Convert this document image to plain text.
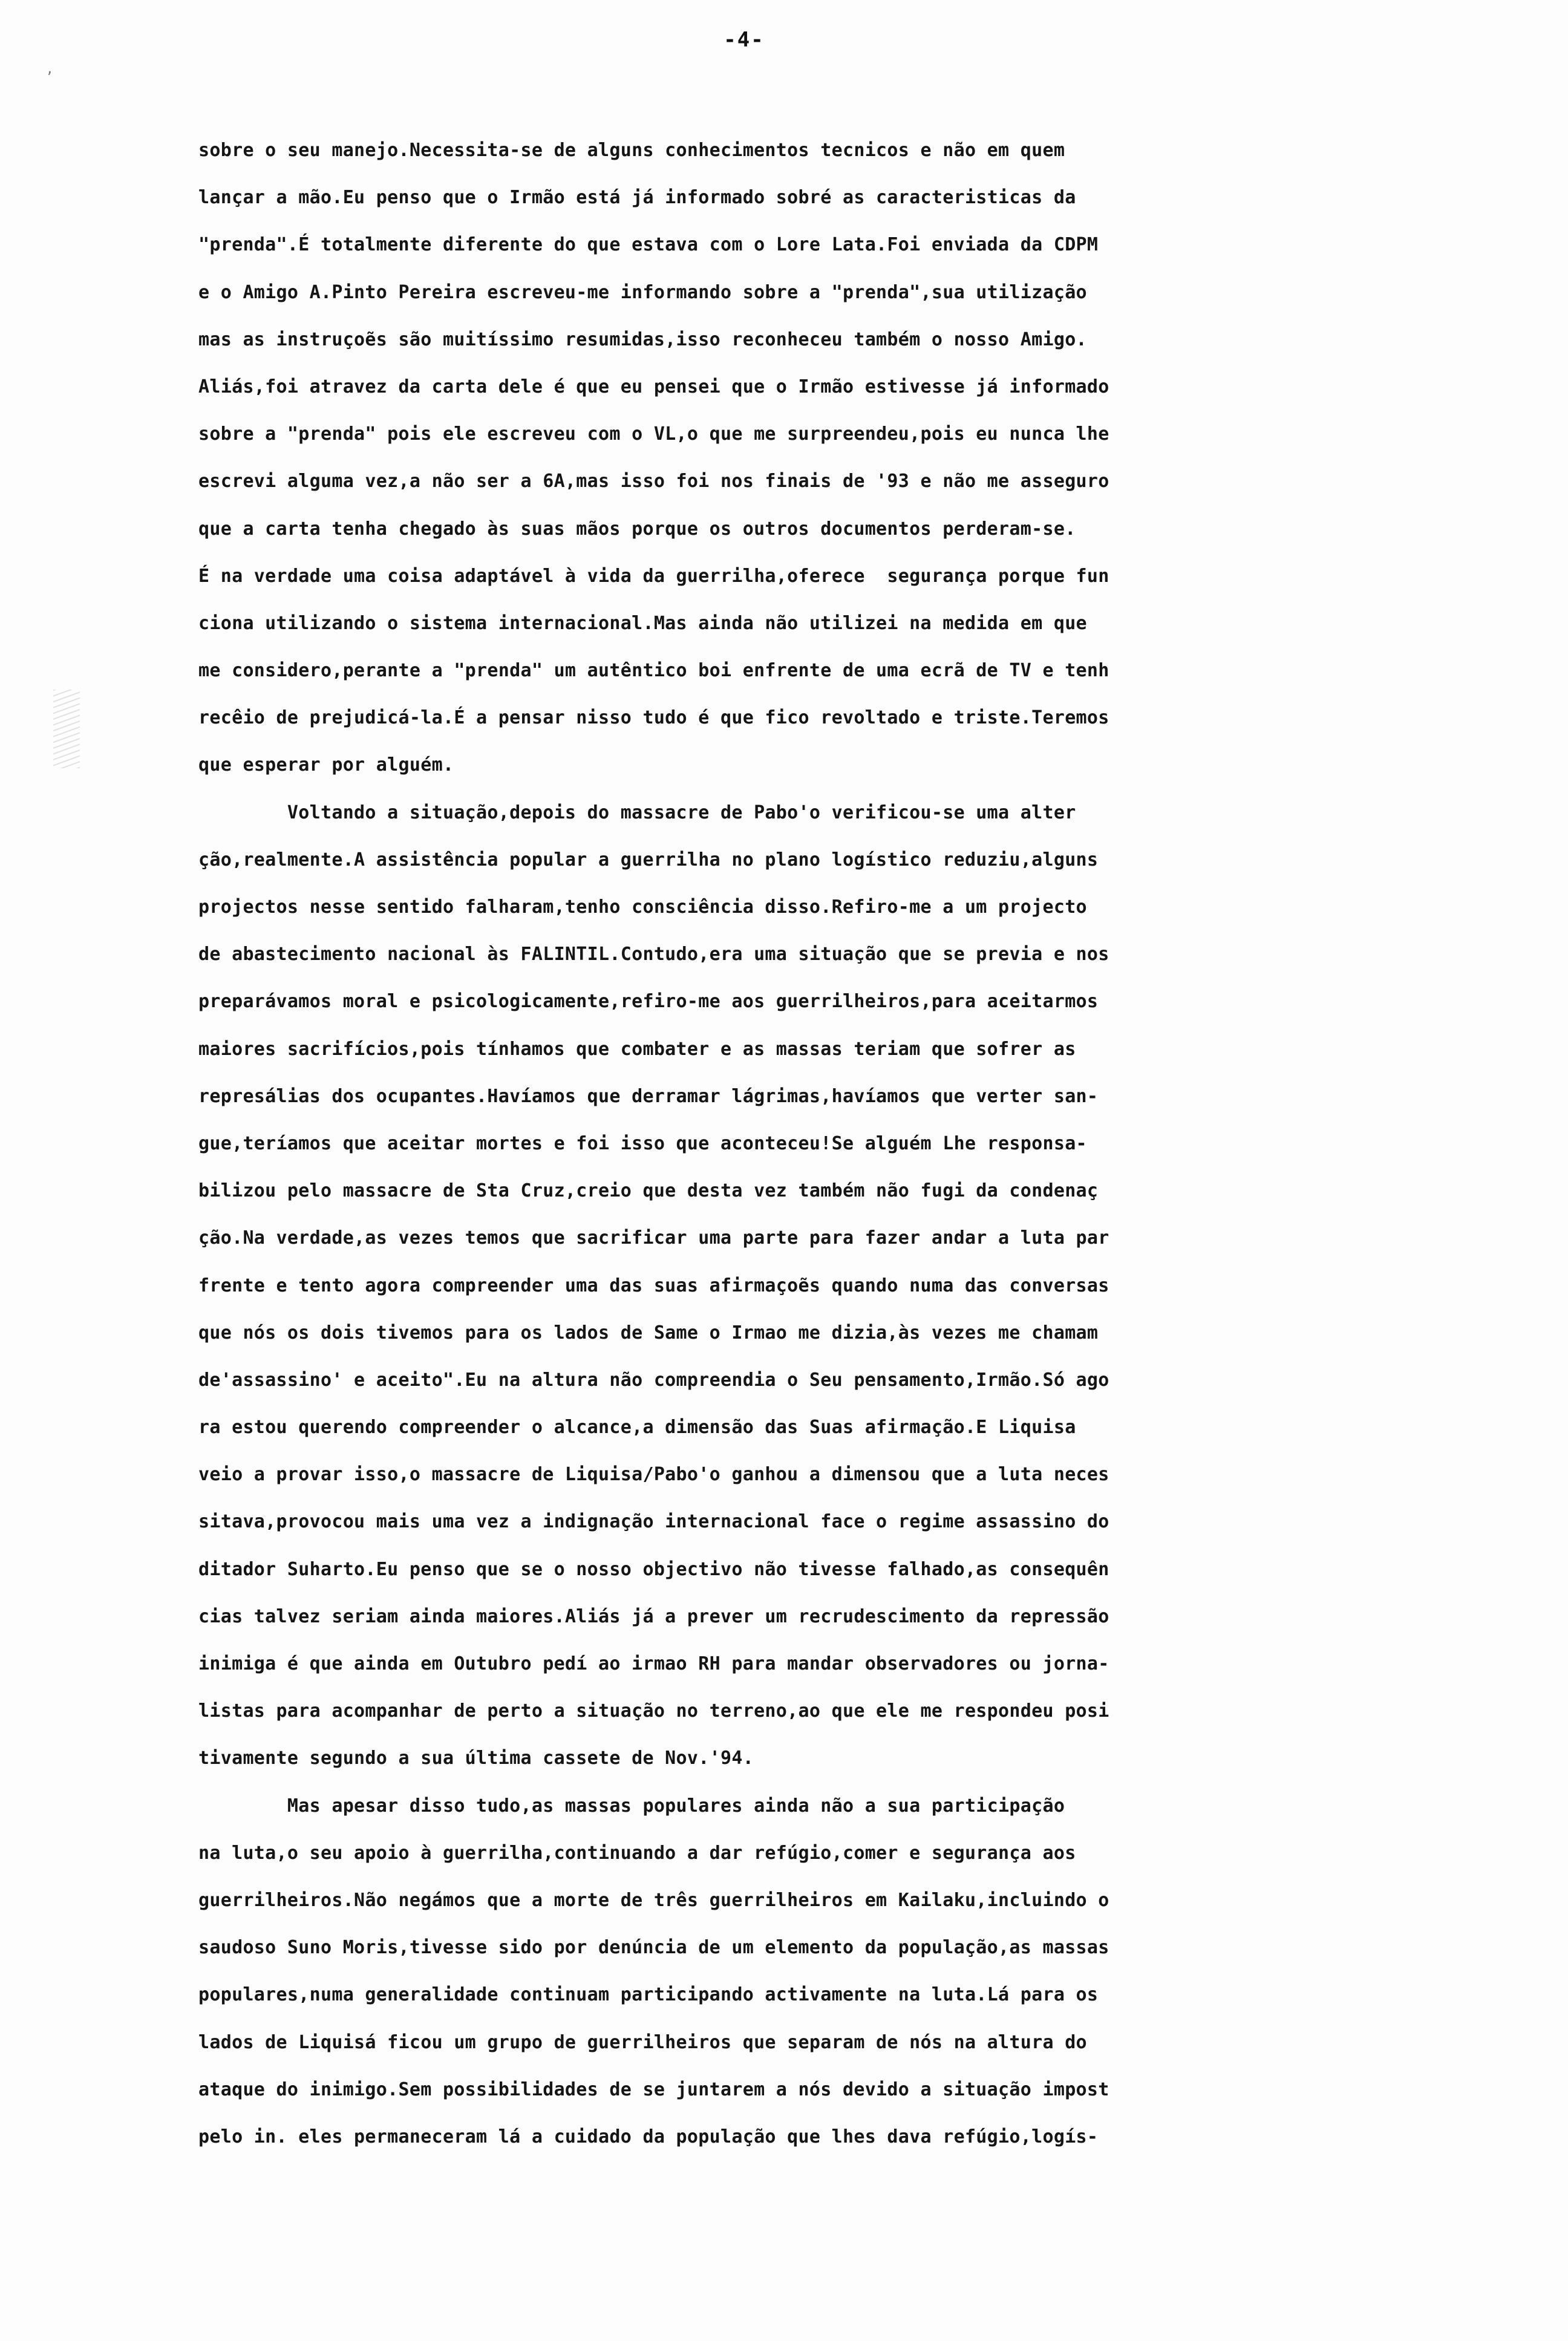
-4-
,
sobre o seu manejo.Necessita-se de alguns conhecimentos tecnicos e não em quem
lançar a mão.Eu penso que o Irmão está já informado sobré as caracteristicas da
"prenda".É totalmente diferente do que estava com o Lore Lata.Foi enviada da CDPM
e o Amigo A.Pinto Pereira escreveu-me informando sobre a "prenda",sua utilização
mas as instruçoẽs são muitíssimo resumidas,isso reconheceu também o nosso Amigo.
Aliás,foi atravez da carta dele é que eu pensei que o Irmão estivesse já informado
sobre a "prenda" pois ele escreveu com o VL,o que me surpreendeu,pois eu nunca lhe
escrevi alguma vez,a não ser a 6A,mas isso foi nos finais de '93 e não me asseguro
que a carta tenha chegado às suas mãos porque os outros documentos perderam-se.
É na verdade uma coisa adaptável à vida da guerrilha,oferece  segurança porque fun
ciona utilizando o sistema internacional.Mas ainda não utilizei na medida em que
me considero,perante a "prenda" um autêntico boi enfrente de uma ecrã de TV e tenh
recêio de prejudicá-la.É a pensar nisso tudo é que fico revoltado e triste.Teremos
que esperar por alguém.
Voltando a situação,depois do massacre de Pabo'o verificou-se uma alter
ção,realmente.A assistência popular a guerrilha no plano logístico reduziu,alguns
projectos nesse sentido falharam,tenho consciência disso.Refiro-me a um projecto
de abastecimento nacional às FALINTIL.Contudo,era uma situação que se previa e nos
preparávamos moral e psicologicamente,refiro-me aos guerrilheiros,para aceitarmos
maiores sacrifícios,pois tínhamos que combater e as massas teriam que sofrer as
represálias dos ocupantes.Havíamos que derramar lágrimas,havíamos que verter san-
gue,teríamos que aceitar mortes e foi isso que aconteceu!Se alguém Lhe responsa-
bilizou pelo massacre de Sta Cruz,creio que desta vez também não fugi da condenaç
ção.Na verdade,as vezes temos que sacrificar uma parte para fazer andar a luta par
frente e tento agora compreender uma das suas afirmaçoẽs quando numa das conversas
que nós os dois tivemos para os lados de Same o Irmao me dizia,às vezes me chamam
de'assassino' e aceito".Eu na altura não compreendia o Seu pensamento,Irmão.Só ago
ra estou querendo compreender o alcance,a dimensão das Suas afirmação.E Liquisa
veio a provar isso,o massacre de Liquisa/Pabo'o ganhou a dimensou que a luta neces
sitava,provocou mais uma vez a indignação internacional face o regime assassino do
ditador Suharto.Eu penso que se o nosso objectivo não tivesse falhado,as consequên
cias talvez seriam ainda maiores.Aliás já a prever um recrudescimento da repressão
inimiga é que ainda em Outubro pedí ao irmao RH para mandar observadores ou jorna-
listas para acompanhar de perto a situação no terreno,ao que ele me respondeu posi
tivamente segundo a sua última cassete de Nov.'94.
Mas apesar disso tudo,as massas populares ainda não a sua participação
na luta,o seu apoio à guerrilha,continuando a dar refúgio,comer e segurança aos
guerrilheiros.Não negámos que a morte de três guerrilheiros em Kailaku,incluindo o
saudoso Suno Moris,tivesse sido por denúncia de um elemento da população,as massas
populares,numa generalidade continuam participando activamente na luta.Lá para os
lados de Liquisá ficou um grupo de guerrilheiros que separam de nós na altura do
ataque do inimigo.Sem possibilidades de se juntarem a nós devido a situação impost
pelo in. eles permaneceram lá a cuidado da população que lhes dava refúgio,logís-
